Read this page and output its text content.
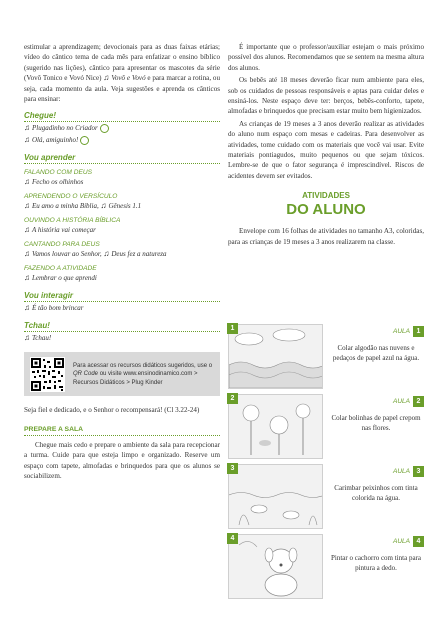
estimular a aprendizagem; devocionais para as duas faixas etárias; vídeo do cântico tema de cada mês para enfatizar o ensino bíblico (sugerido nas lições), cântico para apresentar os mascotes da série (Vovô Tonico e Vovó Nice) ♫ Vovô e Vovó e para marcar a rotina, ou seja, cada momento da aula. Veja sugestões e aprenda os cânticos para ensinar:

Chegue!
♫ Plugadinho no Criador
♫ Olá, amiguinho!
Vou aprender
FALANDO COM DEUS
♫ Fecho os olhinhos
APRENDENDO O VERSÍCULO
♫ Eu amo a minha Bíblia, ♫ Gênesis 1.1
OUVINDO A HISTÓRIA BÍBLICA
♫ A história vai começar
CANTANDO PARA DEUS
♫ Vamos louvar ao Senhor, ♫ Deus fez a natureza
FAZENDO A ATIVIDADE
♫ Lembrar o que aprendi
Vou interagir
♫ É tão bom brincar
Tchau!
♫ Tchau!
Para acessar os recursos didáticos sugeridos, use o QR Code ou visite www.ensinodinamico.com > Recursos Didáticos > Plug Kinder

Seja fiel e dedicado, e o Senhor o recompensará! (Cl 3.22-24)

PREPARE A SALA

Chegue mais cedo e prepare o ambiente da sala para recepcionar a turma. Cuide para que esteja limpo e organizado. Reserve um espaço com tapete, almofadas e brinquedos para que os alunos se sociabilizem.

É importante que o professor/auxiliar estejam o mais próximo possível dos alunos. Recomendamos que se sentem na mesma altura dos alunos.

Os bebês até 18 meses deverão ficar num ambiente para eles, sob os cuidados de pessoas responsáveis e aptas para cuidar deles e ensiná-los. Neste espaço deve ter: berços, bebês-conforto, tapete, almofadas e brinquedos que precisam estar muito bem higienizados.

As crianças de 19 meses a 3 anos deverão realizar as atividades do aluno num espaço com mesas e cadeiras. Para desenvolver as atividades, tome cuidado com os materiais que você vai usar. Evite materiais pontiagudos, muito pequenos ou que sejam tóxicos. Lembre-se de que o fator segurança é imprescindível. Riscos de acidentes devem ser evitados.

ATIVIDADES
DO ALUNO

Envelope com 16 folhas de atividades no tamanho A3, coloridas, para as crianças de 19 meses a 3 anos realizarem na classe.

1	AULA 1
Colar algodão nas nuvens e pedaços de papel azul na água.
2	AULA 2
Colar bolinhas de papel crepom nas flores.
3	AULA 3
Carimbar peixinhos com tinta colorida na água.
4	AULA 4
Pintar o cachorro com tinta para pintura a dedo.
